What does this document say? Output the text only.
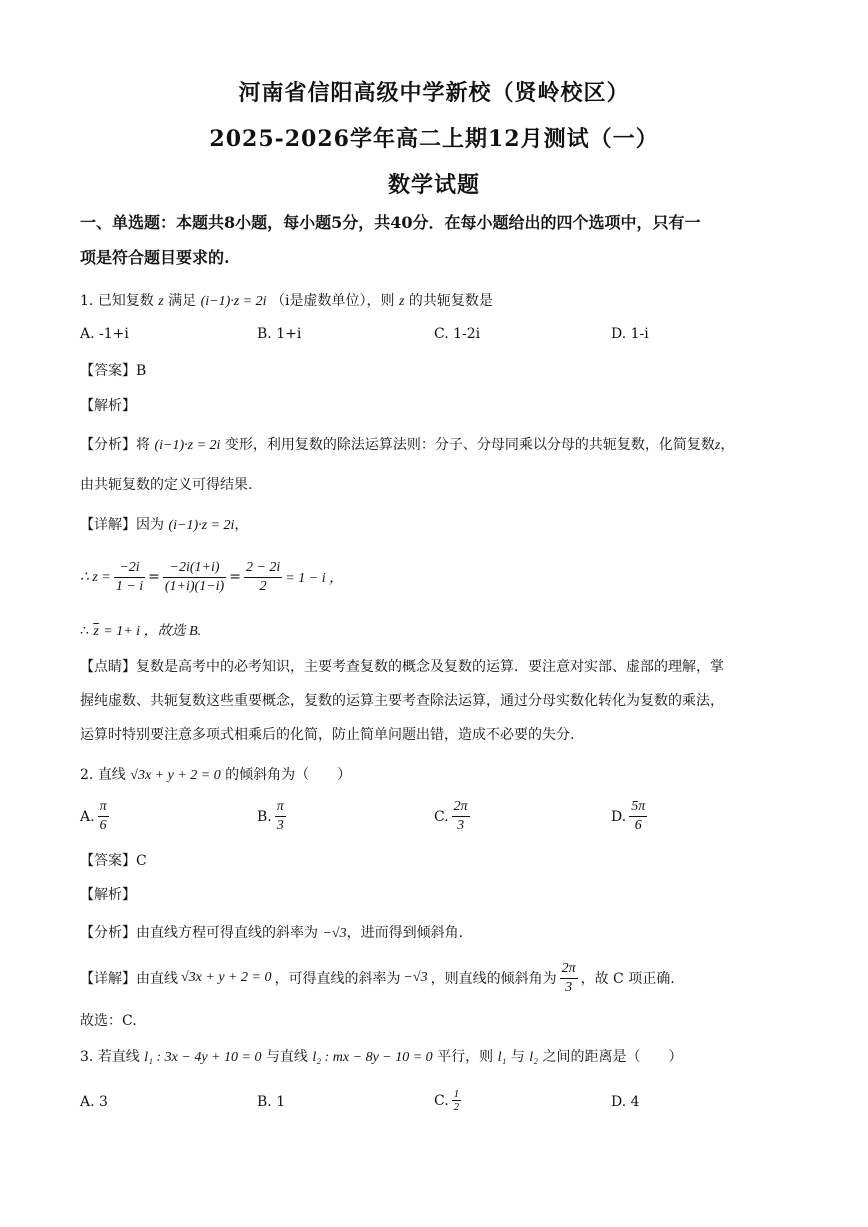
河南省信阳高级中学新校（贤岭校区）
2025-2026学年高二上期12月测试（一）
数学试题
一、单选题：本题共8小题，每小题5分，共40分．在每小题给出的四个选项中，只有一
项是符合题目要求的.
1. 已知复数 z 满足 (i−1)·z = 2i （i是虚数单位），则 z 的共轭复数是
A. -1+i	B. 1+i	C. 1-2i	D. 1-i
【答案】B
【解析】
【分析】将 (i−1)·z = 2i 变形，利用复数的除法运算法则：分子、分母同乘以分母的共轭复数，化简复数z，
由共轭复数的定义可得结果.
【详解】因为 (i−1)·z = 2i，
∴ $z = \frac{-2i}{1 - i} = \frac{-2i(1+i)}{(1+i)(1-i)} = \frac{2 - 2i}{2} = 1 - i$ ，
∴ $\overline{z} = 1+ i$ ，故选 B.
【点睛】复数是高考中的必考知识，主要考查复数的概念及复数的运算．要注意对实部、虚部的理解，掌
握纯虚数、共轭复数这些重要概念，复数的运算主要考查除法运算，通过分母实数化转化为复数的乘法，
运算时特别要注意多项式相乘后的化简，防止简单问题出错，造成不必要的失分.
2. 直线 √3x + y + 2 = 0 的倾斜角为（　　）
A. $\frac{\pi}{6}$	B. $\frac{\pi}{3}$	C. $\frac{2\pi}{3}$	D. $\frac{5\pi}{6}$
【答案】C
【解析】
【分析】由直线方程可得直线的斜率为 −√3，进而得到倾斜角.
【详解】 由直线 √3x + y + 2 = 0 ，可得直线的斜率为 −√3 ，则直线的倾斜角为 $\frac{2\pi}{3}$ ，故 C 项正确.
故选：C.
3. 若直线 l₁ : 3x − 4y + 10 = 0 与直线 l₂ : mx − 8y − 10 = 0 平行，则 l₁ 与 l₂ 之间的距离是（　　）
A. 3	B. 1	C. $\frac{1}{2}$	D. 4
